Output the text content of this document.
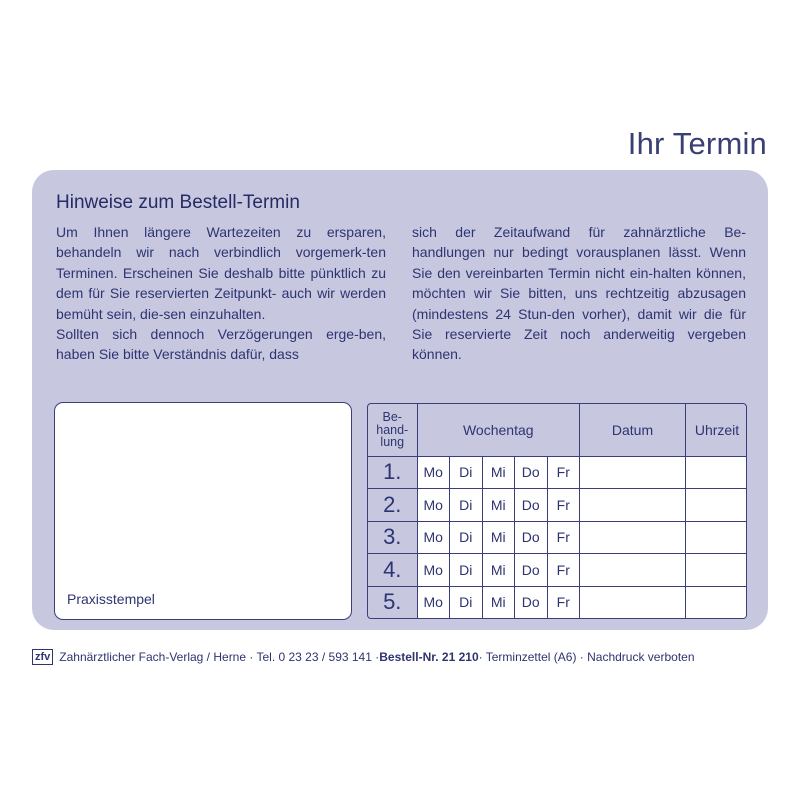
Ihr Termin
Hinweise zum Bestell-Termin

Um Ihnen längere Wartezeiten zu ersparen, behandeln wir nach verbindlich vorgemerk-ten Terminen. Erscheinen Sie deshalb bitte pünktlich zu dem für Sie reservierten Zeitpunkt- auch wir werden bemüht sein, die-sen einzuhalten.

Sollten sich dennoch Verzögerungen erge-ben, haben Sie bitte Verständnis dafür, dass

sich der Zeitaufwand für zahnärztliche Be-handlungen nur bedingt vorausplanen lässt. Wenn Sie den vereinbarten Termin nicht ein-halten können, möchten wir Sie bitten, uns rechtzeitig abzusagen (mindestens 24 Stun-den vorher), damit wir die für Sie reservierte Zeit noch anderweitig vergeben können.

Praxisstempel
Be-
hand-
lung	Wochentag					Datum	Uhrzeit
1.	Mo	Di	Mi	Do	Fr		
2.	Mo	Di	Mi	Do	Fr		
3.	Mo	Di	Mi	Do	Fr		
4.	Mo	Di	Mi	Do	Fr		
5.	Mo	Di	Mi	Do	Fr		
zfv Zahnärztlicher Fach-Verlag / Herne · Tel. 0 23 23 / 593 141 · Bestell-Nr. 21 210 · Terminzettel (A6) · Nachdruck verboten
